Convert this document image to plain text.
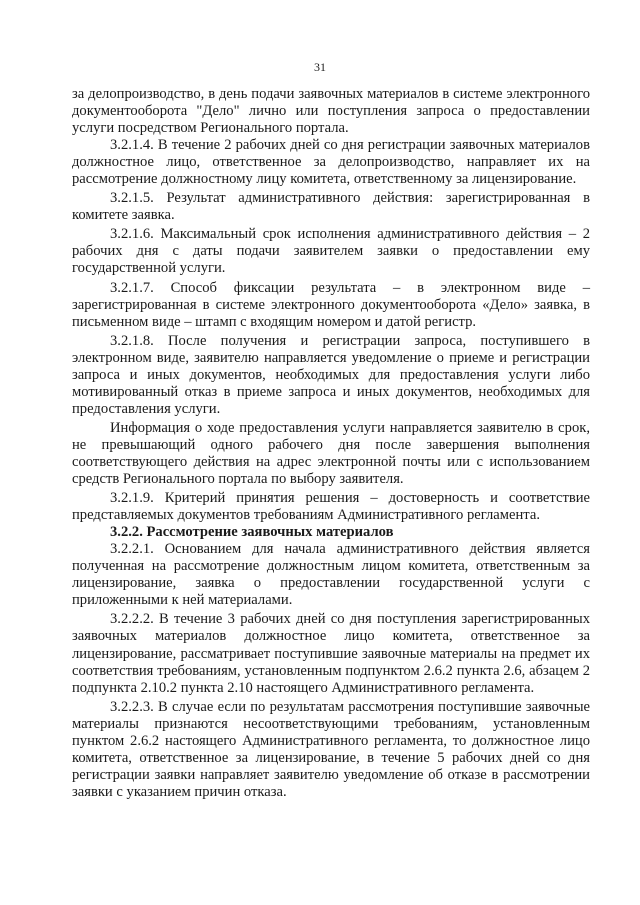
31

за делопроизводство, в день подачи заявочных материалов в системе электронного документооборота "Дело" лично или поступления запроса о предоставлении услуги посредством Регионального портала.

3.2.1.4. В течение 2 рабочих дней со дня регистрации заявочных материалов должностное лицо, ответственное за делопроизводство, направляет их на рассмотрение должностному лицу комитета, ответственному за лицензирование.

3.2.1.5. Результат административного действия: зарегистрированная в комитете заявка.

3.2.1.6. Максимальный срок исполнения административного действия – 2 рабочих дня с даты подачи заявителем заявки о предоставлении ему государственной услуги.

3.2.1.7. Способ фиксации результата – в электронном виде – зарегистрированная в системе электронного документооборота «Дело» заявка, в письменном виде – штамп с входящим номером и датой регистр.

3.2.1.8. После получения и регистрации запроса, поступившего в электронном виде, заявителю направляется уведомление о приеме и регистрации запроса и иных документов, необходимых для предоставления услуги либо мотивированный отказ в приеме запроса и иных документов, необходимых для предоставления услуги.

Информация о ходе предоставления услуги направляется заявителю в срок, не превышающий одного рабочего дня после завершения выполнения соответствующего действия на адрес электронной почты или с использованием средств Регионального портала по выбору заявителя.

3.2.1.9. Критерий принятия решения – достоверность и соответствие представляемых документов требованиям Административного регламента.

3.2.2. Рассмотрение заявочных материалов

3.2.2.1. Основанием для начала административного действия является полученная на рассмотрение должностным лицом комитета, ответственным за лицензирование, заявка о предоставлении государственной услуги с приложенными к ней материалами.

3.2.2.2. В течение 3 рабочих дней со дня поступления зарегистрированных заявочных материалов должностное лицо комитета, ответственное за лицензирование, рассматривает поступившие заявочные материалы на предмет их соответствия требованиям, установленным подпунктом 2.6.2 пункта 2.6, абзацем 2 подпункта 2.10.2 пункта 2.10 настоящего Административного регламента.

3.2.2.3. В случае если по результатам рассмотрения поступившие заявочные материалы признаются несоответствующими требованиям, установленным пунктом 2.6.2 настоящего Административного регламента, то должностное лицо комитета, ответственное за лицензирование, в течение 5 рабочих дней со дня регистрации заявки направляет заявителю уведомление об отказе в рассмотрении заявки с указанием причин отказа.
